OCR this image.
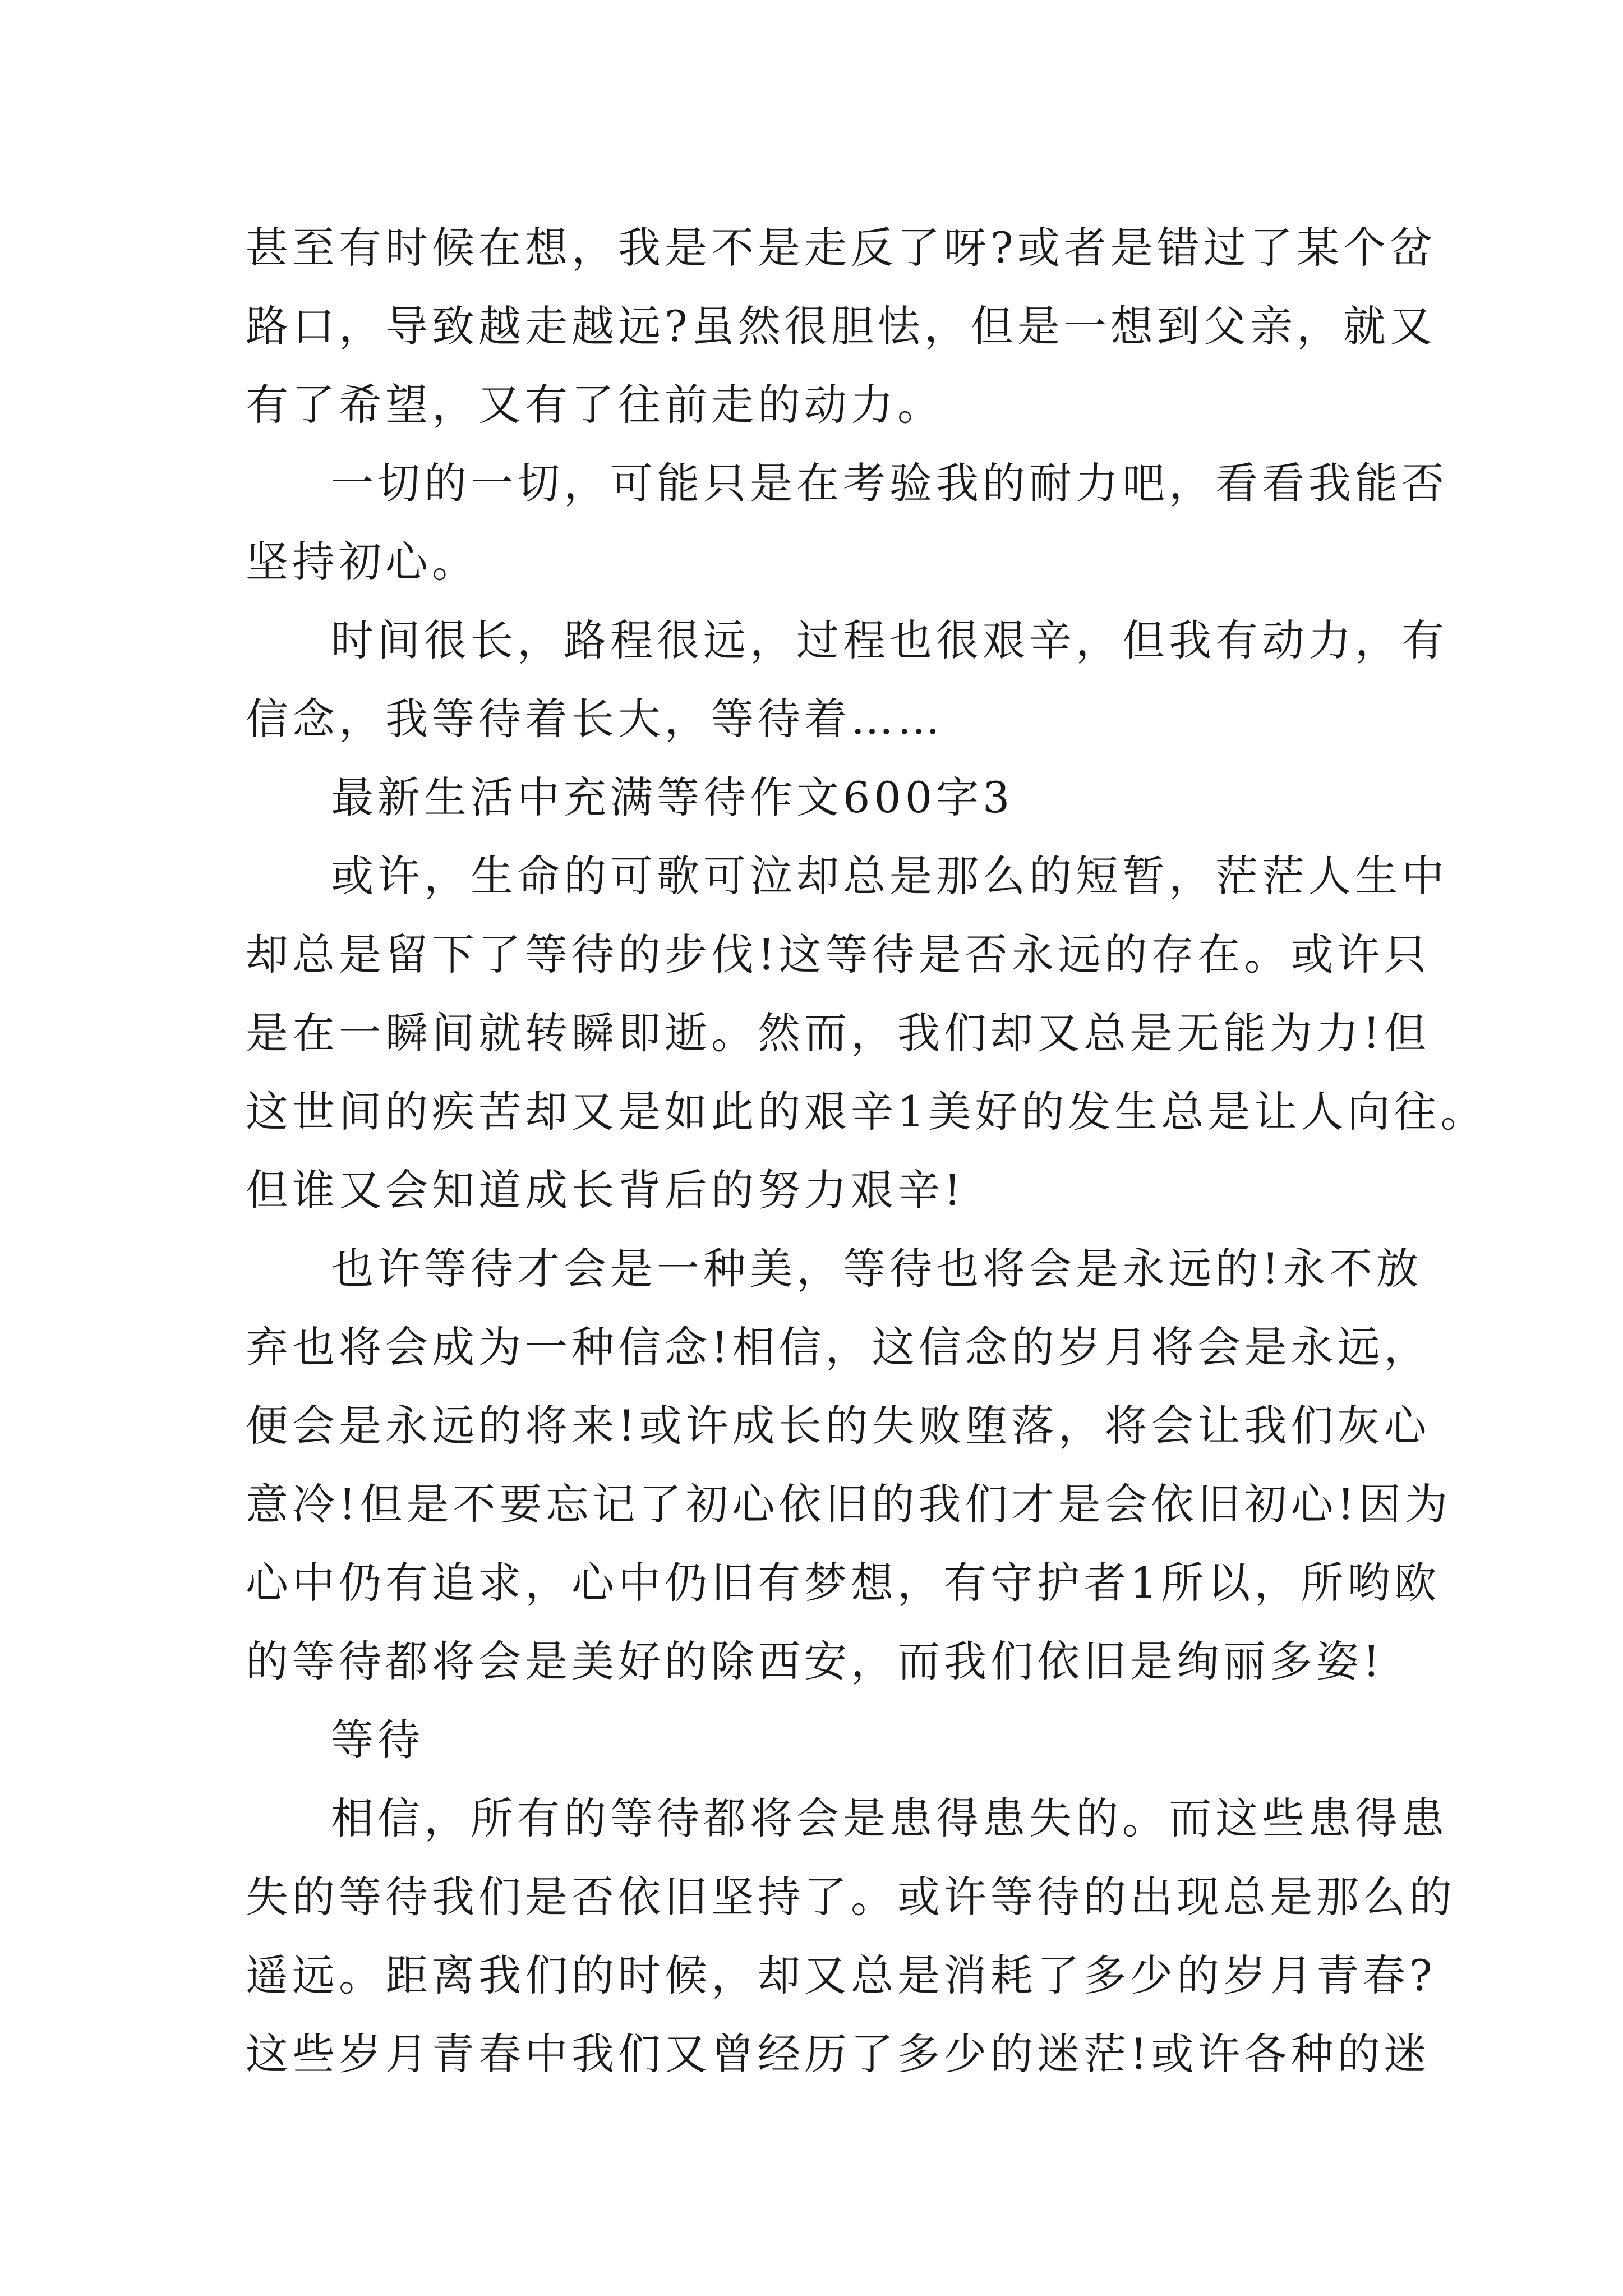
甚至有时候在想，我是不是走反了呀?或者是错过了某个岔
路口，导致越走越远?虽然很胆怯，但是一想到父亲，就又
有了希望，又有了往前走的动力。
一切的一切，可能只是在考验我的耐力吧，看看我能否
坚持初心。
时间很长，路程很远，过程也很艰辛，但我有动力，有
信念，我等待着长大，等待着……
最新生活中充满等待作文600字3
或许，生命的可歌可泣却总是那么的短暂，茫茫人生中
却总是留下了等待的步伐!这等待是否永远的存在。或许只
是在一瞬间就转瞬即逝。然而，我们却又总是无能为力!但
这世间的疾苦却又是如此的艰辛1美好的发生总是让人向往。
但谁又会知道成长背后的努力艰辛!
也许等待才会是一种美，等待也将会是永远的!永不放
弃也将会成为一种信念!相信，这信念的岁月将会是永远，
便会是永远的将来!或许成长的失败堕落，将会让我们灰心
意冷!但是不要忘记了初心依旧的我们才是会依旧初心!因为
心中仍有追求，心中仍旧有梦想，有守护者1所以，所哟欧
的等待都将会是美好的除西安，而我们依旧是绚丽多姿!
等待
相信，所有的等待都将会是患得患失的。而这些患得患
失的等待我们是否依旧坚持了。或许等待的出现总是那么的
遥远。距离我们的时候，却又总是消耗了多少的岁月青春?
这些岁月青春中我们又曾经历了多少的迷茫!或许各种的迷
